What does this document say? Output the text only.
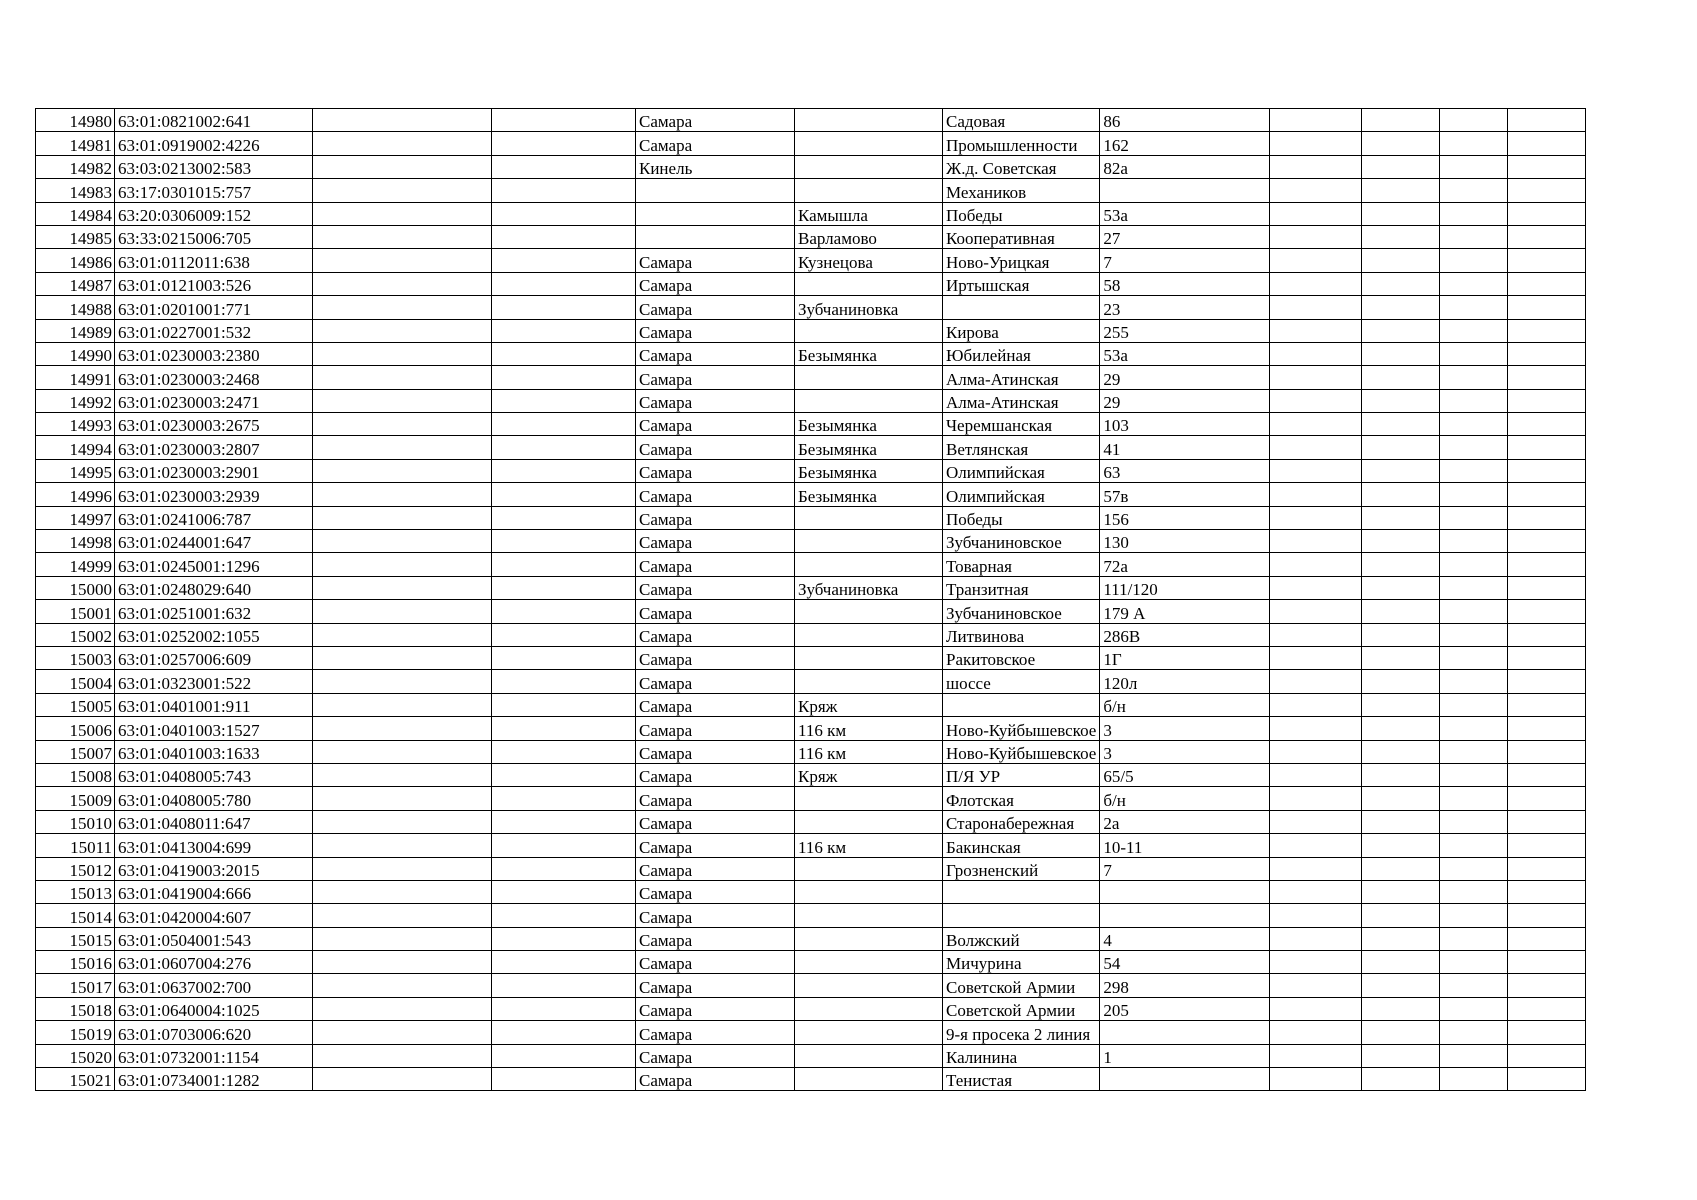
14980	63:01:0821002:641			Самара		Садовая	86				
14981	63:01:0919002:4226			Самара		Промышленности	162				
14982	63:03:0213002:583			Кинель		Ж.д. Советская	82а				
14983	63:17:0301015:757					Механиков					
14984	63:20:0306009:152				Камышла	Победы	53а				
14985	63:33:0215006:705				Варламово	Кооперативная	27				
14986	63:01:0112011:638			Самара	Кузнецова	Ново-Урицкая	7				
14987	63:01:0121003:526			Самара		Иртышская	58				
14988	63:01:0201001:771			Самара	Зубчаниновка		23				
14989	63:01:0227001:532			Самара		Кирова	255				
14990	63:01:0230003:2380			Самара	Безымянка	Юбилейная	53а				
14991	63:01:0230003:2468			Самара		Алма-Атинская	29				
14992	63:01:0230003:2471			Самара		Алма-Атинская	29				
14993	63:01:0230003:2675			Самара	Безымянка	Черемшанская	103				
14994	63:01:0230003:2807			Самара	Безымянка	Ветлянская	41				
14995	63:01:0230003:2901			Самара	Безымянка	Олимпийская	63				
14996	63:01:0230003:2939			Самара	Безымянка	Олимпийская	57в				
14997	63:01:0241006:787			Самара		Победы	156				
14998	63:01:0244001:647			Самара		Зубчаниновское	130				
14999	63:01:0245001:1296			Самара		Товарная	72а				
15000	63:01:0248029:640			Самара	Зубчаниновка	Транзитная	111/120				
15001	63:01:0251001:632			Самара		Зубчаниновское	179 А				
15002	63:01:0252002:1055			Самара		Литвинова	286В				
15003	63:01:0257006:609			Самара		Ракитовское	1Г				
15004	63:01:0323001:522			Самара		шоссе	120л				
15005	63:01:0401001:911			Самара	Кряж		б/н				
15006	63:01:0401003:1527			Самара	116 км	Ново-Куйбышевское	3				
15007	63:01:0401003:1633			Самара	116 км	Ново-Куйбышевское	3				
15008	63:01:0408005:743			Самара	Кряж	П/Я УР	65/5				
15009	63:01:0408005:780			Самара		Флотская	б/н				
15010	63:01:0408011:647			Самара		Старонабережная	2а				
15011	63:01:0413004:699			Самара	116 км	Бакинская	10-11				
15012	63:01:0419003:2015			Самара		Грозненский	7				
15013	63:01:0419004:666			Самара							
15014	63:01:0420004:607			Самара							
15015	63:01:0504001:543			Самара		Волжский	4				
15016	63:01:0607004:276			Самара		Мичурина	54				
15017	63:01:0637002:700			Самара		Советской Армии	298				
15018	63:01:0640004:1025			Самара		Советской Армии	205				
15019	63:01:0703006:620			Самара		9-я просека 2 линия					
15020	63:01:0732001:1154			Самара		Калинина	1				
15021	63:01:0734001:1282			Самара		Тенистая					
